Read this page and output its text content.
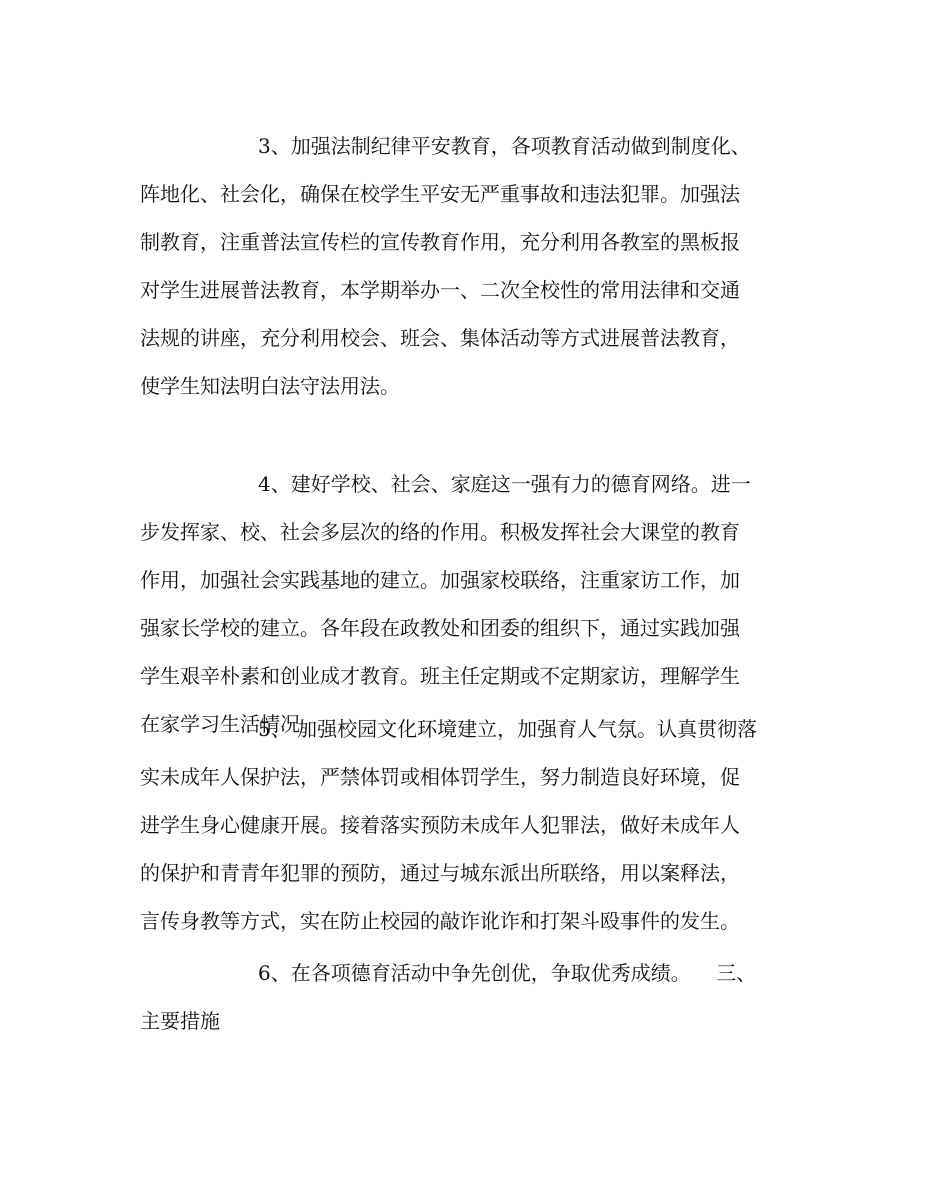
3、加强法制纪律平安教育，各项教育活动做到制度化、
阵地化、社会化，确保在校学生平安无严重事故和违法犯罪。加强法
制教育，注重普法宣传栏的宣传教育作用，充分利用各教室的黑板报
对学生进展普法教育，本学期举办一、二次全校性的常用法律和交通
法规的讲座，充分利用校会、班会、集体活动等方式进展普法教育，
使学生知法明白法守法用法。
4、建好学校、社会、家庭这一强有力的德育网络。进一
步发挥家、校、社会多层次的络的作用。积极发挥社会大课堂的教育
作用，加强社会实践基地的建立。加强家校联络，注重家访工作，加
强家长学校的建立。各年段在政教处和团委的组织下，通过实践加强
学生艰辛朴素和创业成才教育。班主任定期或不定期家访，理解学生
在家学习生活情况。
5、 加强校园文化环境建立，加强育人气氛。认真贯彻落
实未成年人保护法，严禁体罚或相体罚学生，努力制造良好环境，促
进学生身心健康开展。接着落实预防未成年人犯罪法，做好未成年人
的保护和青青年犯罪的预防，通过与城东派出所联络，用以案释法，
言传身教等方式，实在防止校园的敲诈讹诈和打架斗殴事件的发生。
6、在各项德育活动中争先创优，争取优秀成绩。    三、
主要措施
